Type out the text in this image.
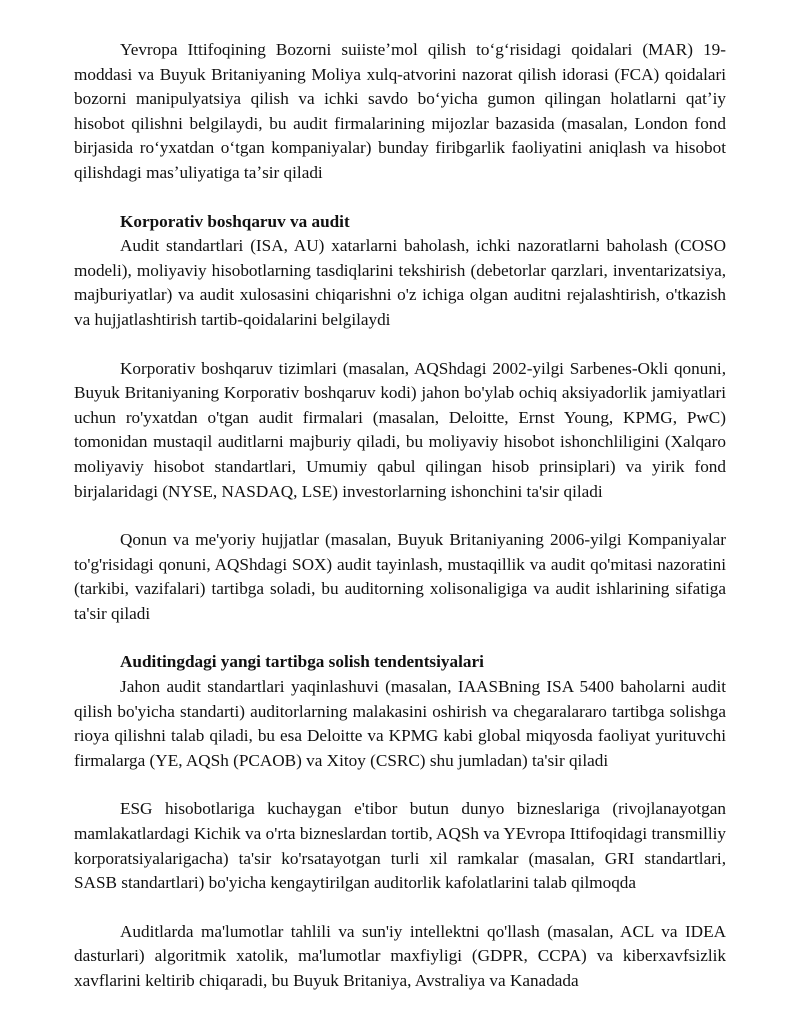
Yevropa Ittifoqining Bozorni suiisteʼmol qilish toʻgʻrisidagi qoidalari (MAR) 19-moddasi va Buyuk Britaniyaning Moliya xulq-atvorini nazorat qilish idorasi (FCA) qoidalari bozorni manipulyatsiya qilish va ichki savdo boʻyicha gumon qilingan holatlarni qatʼiy hisobot qilishni belgilaydi, bu audit firmalarining mijozlar bazasida (masalan, London fond birjasida roʻyxatdan oʻtgan kompaniyalar) bunday firibgarlik faoliyatini aniqlash va hisobot qilishdagi masʼuliyatiga taʼsir qiladi

Korporativ boshqaruv va audit

Audit standartlari (ISA, AU) xatarlarni baholash, ichki nazoratlarni baholash (COSO modeli), moliyaviy hisobotlarning tasdiqlarini tekshirish (debetorlar qarzlari, inventarizatsiya, majburiyatlar) va audit xulosasini chiqarishni o'z ichiga olgan auditni rejalashtirish, o'tkazish va hujjatlashtirish tartib-qoidalarini belgilaydi

Korporativ boshqaruv tizimlari (masalan, AQShdagi 2002-yilgi Sarbenes-Okli qonuni, Buyuk Britaniyaning Korporativ boshqaruv kodi) jahon bo'ylab ochiq aksiyadorlik jamiyatlari uchun ro'yxatdan o'tgan audit firmalari (masalan, Deloitte, Ernst Young, KPMG, PwC) tomonidan mustaqil auditlarni majburiy qiladi, bu moliyaviy hisobot ishonchliligini (Xalqaro moliyaviy hisobot standartlari, Umumiy qabul qilingan hisob prinsiplari) va yirik fond birjalaridagi (NYSE, NASDAQ, LSE) investorlarning ishonchini ta'sir qiladi

Qonun va me'yoriy hujjatlar (masalan, Buyuk Britaniyaning 2006-yilgi Kompaniyalar to'g'risidagi qonuni, AQShdagi SOX) audit tayinlash, mustaqillik va audit qo'mitasi nazoratini (tarkibi, vazifalari) tartibga soladi, bu auditorning xolisonaligiga va audit ishlarining sifatiga ta'sir qiladi

Auditingdagi yangi tartibga solish tendentsiyalari

Jahon audit standartlari yaqinlashuvi (masalan, IAASBning ISA 5400 baholarni audit qilish bo'yicha standarti) auditorlarning malakasini oshirish va chegaralararo tartibga solishga rioya qilishni talab qiladi, bu esa Deloitte va KPMG kabi global miqyosda faoliyat yurituvchi firmalarga (YE, AQSh (PCAOB) va Xitoy (CSRC) shu jumladan) ta'sir qiladi

ESG hisobotlariga kuchaygan e'tibor butun dunyo bizneslariga (rivojlanayotgan mamlakatlardagi Kichik va o'rta bizneslardan tortib, AQSh va YEvropa Ittifoqidagi transmilliy korporatsiyalarigacha) ta'sir ko'rsatayotgan turli xil ramkalar (masalan, GRI standartlari, SASB standartlari) bo'yicha kengaytirilgan auditorlik kafolatlarini talab qilmoqda

Auditlarda ma'lumotlar tahlili va sun'iy intellektni qo'llash (masalan, ACL va IDEA dasturlari) algoritmik xatolik, ma'lumotlar maxfiyligi (GDPR, CCPA) va kiberxavfsizlik xavflarini keltirib chiqaradi, bu Buyuk Britaniya, Avstraliya va Kanadada
